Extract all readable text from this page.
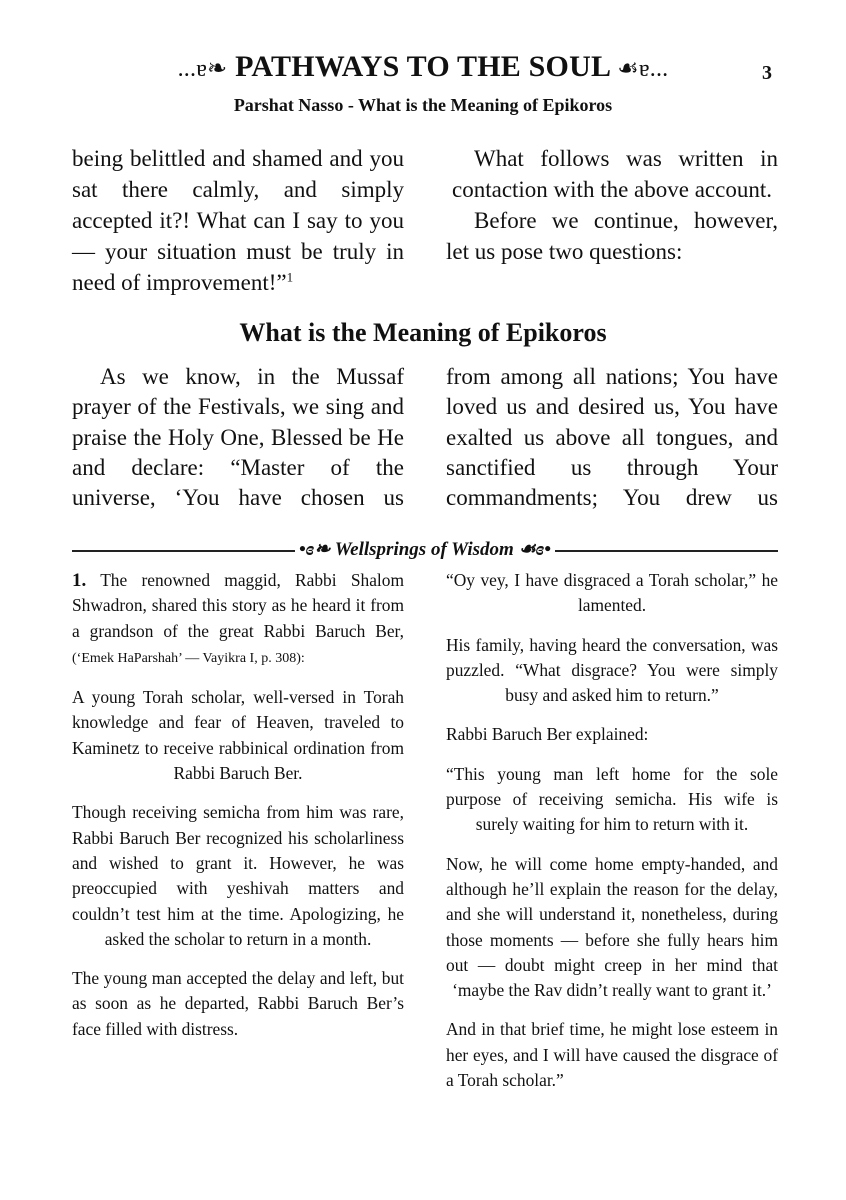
...ɐ❧ PATHWAYS TO THE SOUL ☙ɐ...	3
Parshat Nasso - What is the Meaning of Epikoros

being belittled and shamed and you sat there calmly, and simply accepted it?! What can I say to you — your situation must be truly in need of improvement!”$^1$

What follows was written in contaction with the above account.

Before we continue, however, let us pose two questions:

What is the Meaning of Epikoros

As we know, in the Mussaf prayer of the Festivals, we sing and praise the Holy One, Blessed be He and declare: “Master of the universe, ‘You have chosen us

from among all nations; You have loved us and desired us, You have exalted us above all tongues, and sanctified us through Your commandments; You drew us

•ɞ❧ Wellsprings of Wisdom ☙ɞ•

1. The renowned maggid, Rabbi Shalom Shwadron, shared this story as he heard it from a grandson of the great Rabbi Baruch Ber, (‘Emek HaParshah’ — Vayikra I, p. 308):

A young Torah scholar, well-versed in Torah knowledge and fear of Heaven, traveled to Kaminetz to receive rabbinical ordination from Rabbi Baruch Ber.

Though receiving semicha from him was rare, Rabbi Baruch Ber recognized his scholarliness and wished to grant it. However, he was preoccupied with yeshivah matters and couldn’t test him at the time. Apologizing, he asked the scholar to return in a month.

The young man accepted the delay and left, but as soon as he departed, Rabbi Baruch Ber’s face filled with distress.

“Oy vey, I have disgraced a Torah scholar,” he lamented.

His family, having heard the conversation, was puzzled. “What disgrace? You were simply busy and asked him to return.”

Rabbi Baruch Ber explained:

“This young man left home for the sole purpose of receiving semicha. His wife is surely waiting for him to return with it.

Now, he will come home empty-handed, and although he’ll explain the reason for the delay, and she will understand it, nonetheless, during those moments — before she fully hears him out — doubt might creep in her mind that ‘maybe the Rav didn’t really want to grant it.’

And in that brief time, he might lose esteem in her eyes, and I will have caused the disgrace of a Torah scholar.”
